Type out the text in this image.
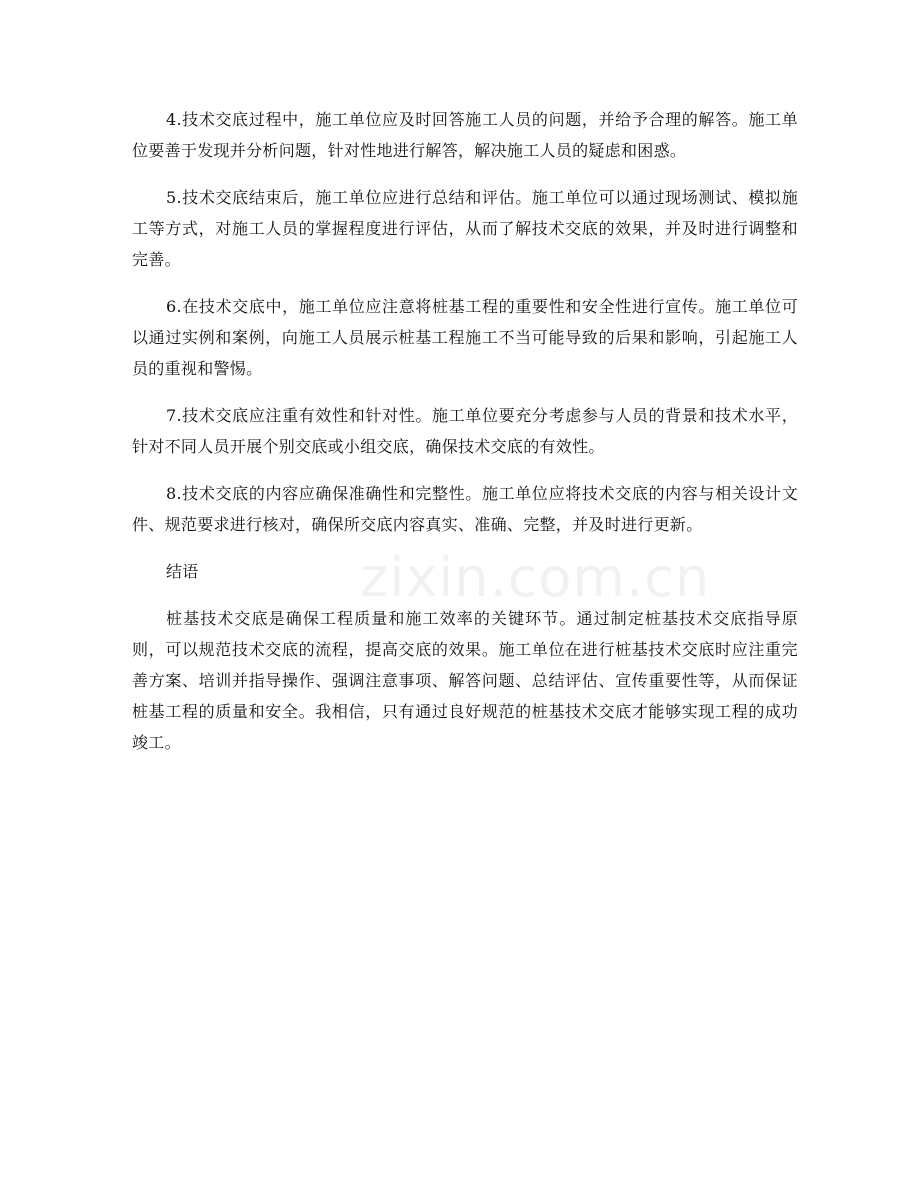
4.技术交底过程中，施工单位应及时回答施工人员的问题，并给予合理的解答。施工单位要善于发现并分析问题，针对性地进行解答，解决施工人员的疑虑和困惑。

5.技术交底结束后，施工单位应进行总结和评估。施工单位可以通过现场测试、模拟施工等方式，对施工人员的掌握程度进行评估，从而了解技术交底的效果，并及时进行调整和完善。

6.在技术交底中，施工单位应注意将桩基工程的重要性和安全性进行宣传。施工单位可以通过实例和案例，向施工人员展示桩基工程施工不当可能导致的后果和影响，引起施工人员的重视和警惕。

7.技术交底应注重有效性和针对性。施工单位要充分考虑参与人员的背景和技术水平，针对不同人员开展个别交底或小组交底，确保技术交底的有效性。

8.技术交底的内容应确保准确性和完整性。施工单位应将技术交底的内容与相关设计文件、规范要求进行核对，确保所交底内容真实、准确、完整，并及时进行更新。

结语

桩基技术交底是确保工程质量和施工效率的关键环节。通过制定桩基技术交底指导原则，可以规范技术交底的流程，提高交底的效果。施工单位在进行桩基技术交底时应注重完善方案、培训并指导操作、强调注意事项、解答问题、总结评估、宣传重要性等，从而保证桩基工程的质量和安全。我相信，只有通过良好规范的桩基技术交底才能够实现工程的成功竣工。

zixin.com.cn
